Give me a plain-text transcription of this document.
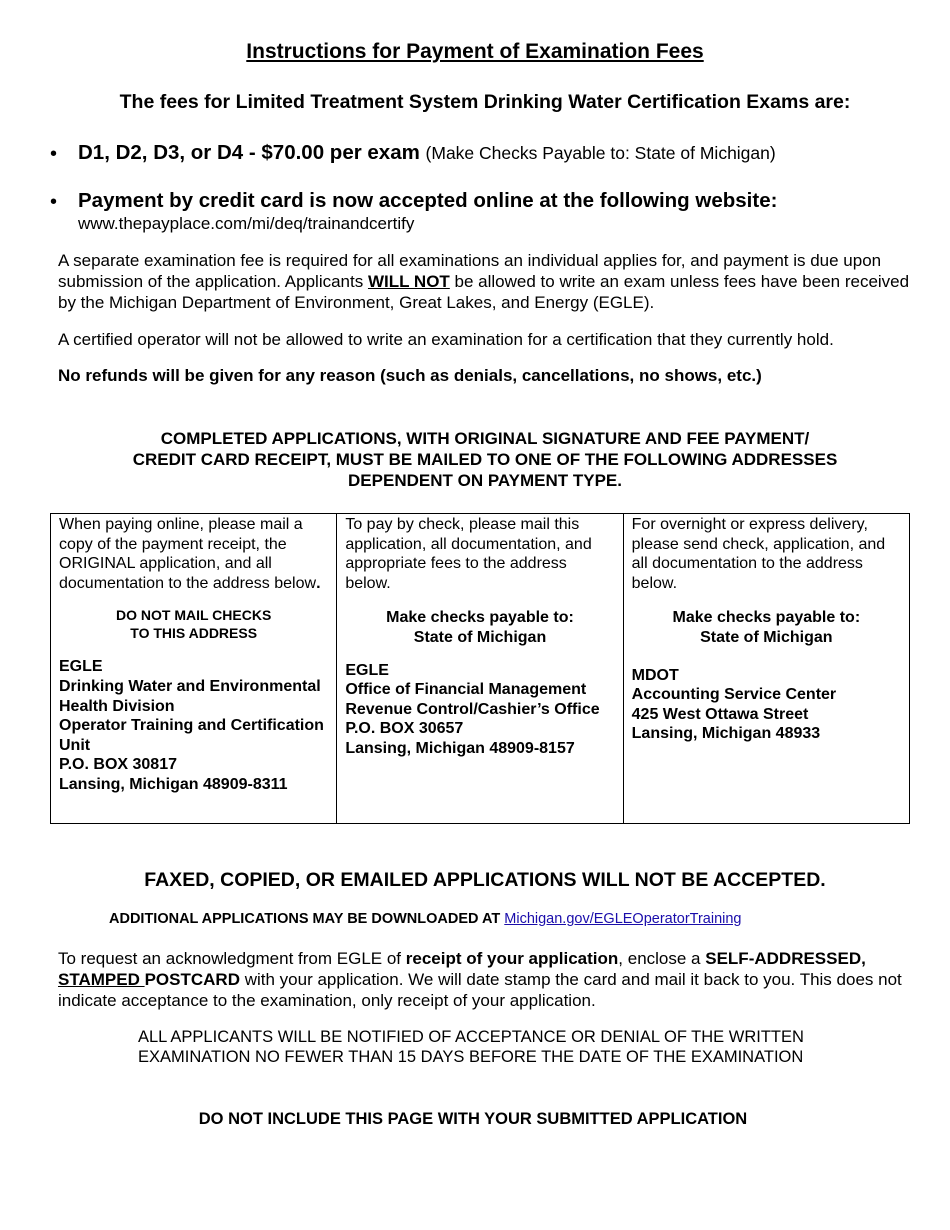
Instructions for Payment of Examination Fees
The fees for Limited Treatment System Drinking Water Certification Exams are:
• D1, D2, D3, or D4 - $70.00 per exam (Make Checks Payable to: State of Michigan)
• Payment by credit card is now accepted online at the following website:
www.thepayplace.com/mi/deq/trainandcertify
A separate examination fee is required for all examinations an individual applies for, and payment is due upon submission of the application. Applicants WILL NOT be allowed to write an exam unless fees have been received by the Michigan Department of Environment, Great Lakes, and Energy (EGLE).
A certified operator will not be allowed to write an examination for a certification that they currently hold.
No refunds will be given for any reason (such as denials, cancellations, no shows, etc.)
COMPLETED APPLICATIONS, WITH ORIGINAL SIGNATURE AND FEE PAYMENT/
CREDIT CARD RECEIPT, MUST BE MAILED TO ONE OF THE FOLLOWING ADDRESSES
DEPENDENT ON PAYMENT TYPE.
When paying online, please mail a copy of the payment receipt, the ORIGINAL application, and all documentation to the address below.
DO NOT MAIL CHECKS
TO THIS ADDRESS
EGLE
Drinking Water and Environmental Health Division
Operator Training and Certification Unit
P.O. BOX 30817
Lansing, Michigan 48909-8311

To pay by check, please mail this application, all documentation, and appropriate fees to the address below.
Make checks payable to:
State of Michigan
EGLE
Office of Financial Management
Revenue Control/Cashier’s Office
P.O. BOX 30657
Lansing, Michigan 48909-8157

For overnight or express delivery, please send check, application, and all documentation to the address below.
Make checks payable to:
State of Michigan
MDOT
Accounting Service Center
425 West Ottawa Street
Lansing, Michigan 48933
FAXED, COPIED, OR EMAILED APPLICATIONS WILL NOT BE ACCEPTED.
ADDITIONAL APPLICATIONS MAY BE DOWNLOADED AT Michigan.gov/EGLEOperatorTraining
To request an acknowledgment from EGLE of receipt of your application, enclose a SELF-ADDRESSED, STAMPED POSTCARD with your application. We will date stamp the card and mail it back to you. This does not indicate acceptance to the examination, only receipt of your application.
ALL APPLICANTS WILL BE NOTIFIED OF ACCEPTANCE OR DENIAL OF THE WRITTEN
EXAMINATION NO FEWER THAN 15 DAYS BEFORE THE DATE OF THE EXAMINATION
DO NOT INCLUDE THIS PAGE WITH YOUR SUBMITTED APPLICATION
